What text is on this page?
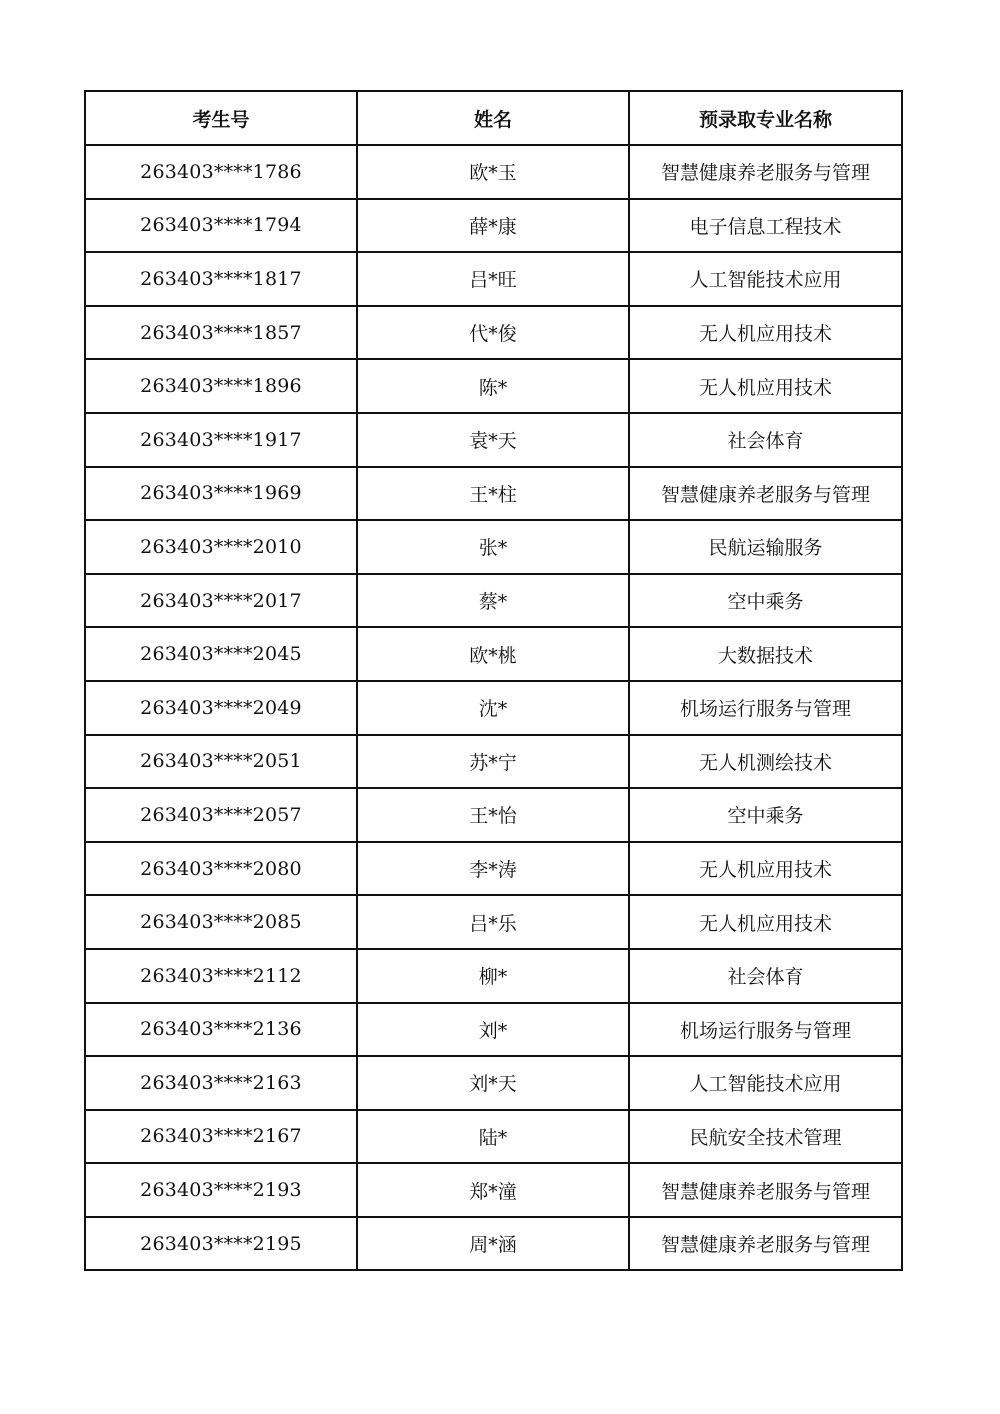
考生号	姓名	预录取专业名称
263403****1786	欧*玉	智慧健康养老服务与管理
263403****1794	薛*康	电子信息工程技术
263403****1817	吕*旺	人工智能技术应用
263403****1857	代*俊	无人机应用技术
263403****1896	陈*	无人机应用技术
263403****1917	袁*天	社会体育
263403****1969	王*柱	智慧健康养老服务与管理
263403****2010	张*	民航运输服务
263403****2017	蔡*	空中乘务
263403****2045	欧*桃	大数据技术
263403****2049	沈*	机场运行服务与管理
263403****2051	苏*宁	无人机测绘技术
263403****2057	王*怡	空中乘务
263403****2080	李*涛	无人机应用技术
263403****2085	吕*乐	无人机应用技术
263403****2112	柳*	社会体育
263403****2136	刘*	机场运行服务与管理
263403****2163	刘*天	人工智能技术应用
263403****2167	陆*	民航安全技术管理
263403****2193	郑*潼	智慧健康养老服务与管理
263403****2195	周*涵	智慧健康养老服务与管理
